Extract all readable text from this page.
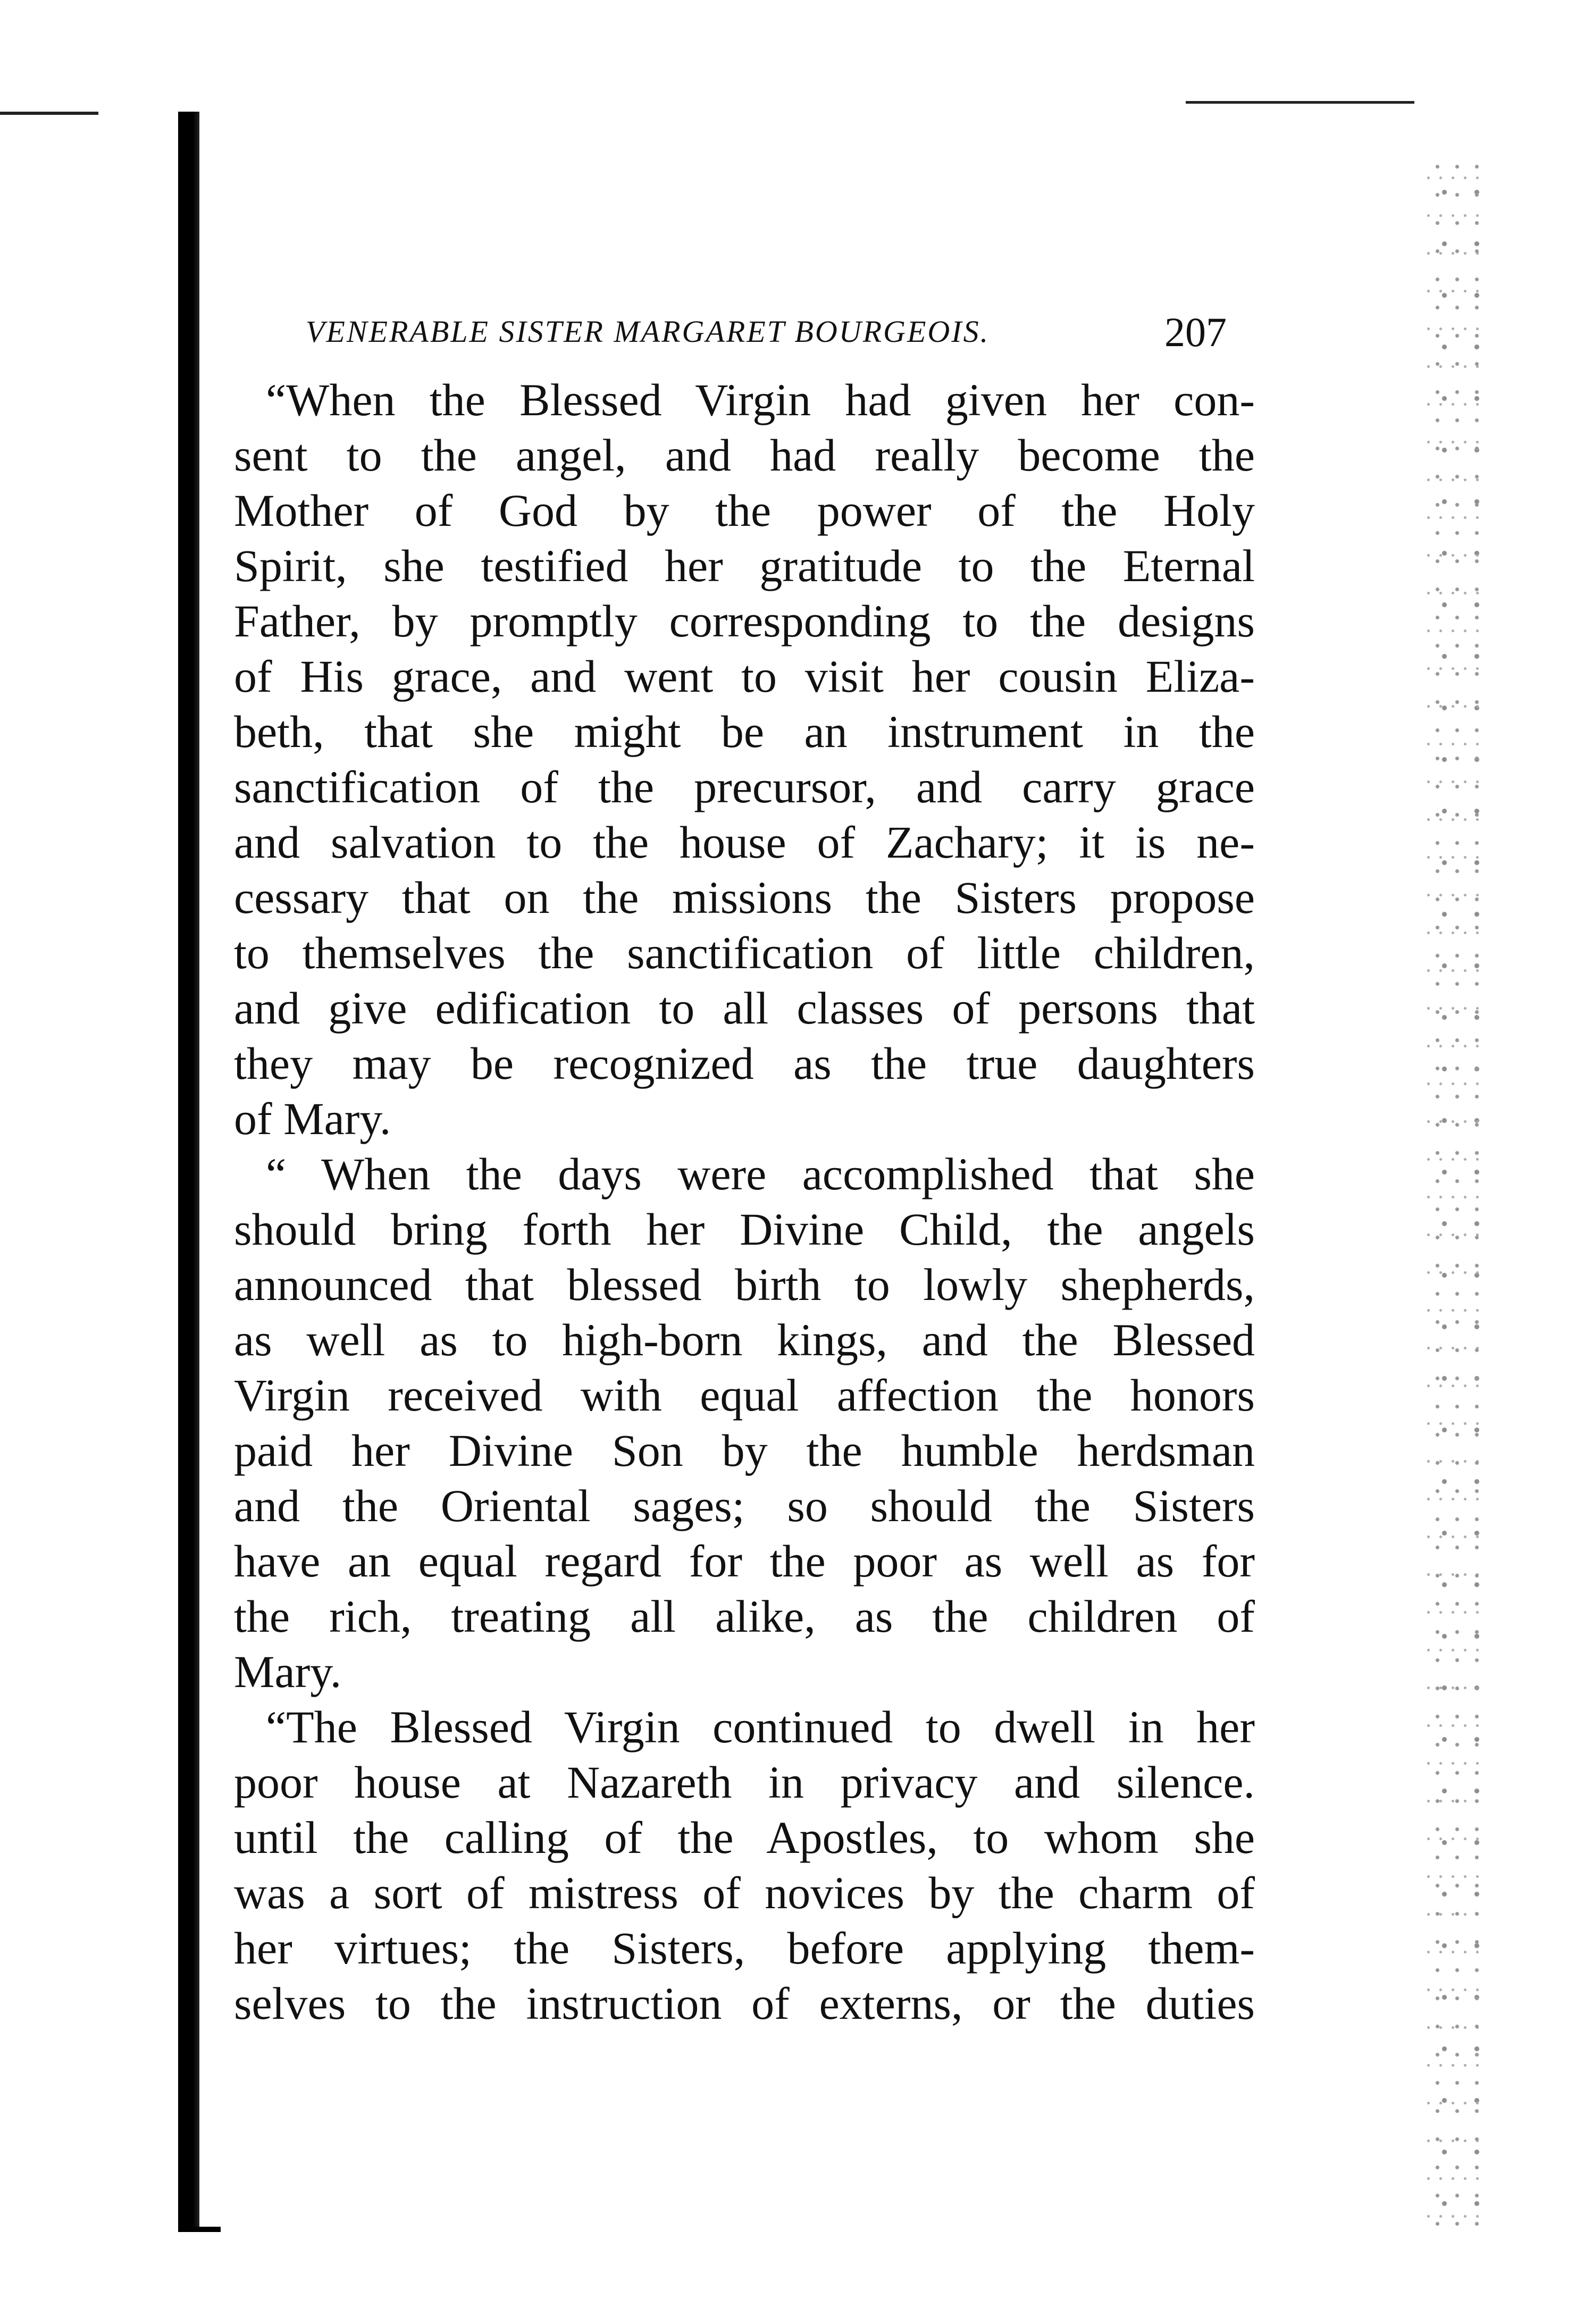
VENERABLE SISTER MARGARET BOURGEOIS.	207
“When the Blessed Virgin had given her con-
sent to the angel, and had really become the
Mother of God by the power of the Holy
Spirit, she testified her gratitude to the Eternal
Father, by promptly corresponding to the designs
of His grace, and went to visit her cousin Eliza-
beth, that she might be an instrument in the
sanctification of the precursor, and carry grace
and salvation to the house of Zachary; it is ne-
cessary that on the missions the Sisters propose
to themselves the sanctification of little children,
and give edification to all classes of persons that
they may be recognized as the true daughters
of Mary.
“ When the days were accomplished that she
should bring forth her Divine Child, the angels
announced that blessed birth to lowly shepherds,
as well as to high-born kings, and the Blessed
Virgin received with equal affection the honors
paid her Divine Son by the humble herdsman
and the Oriental sages; so should the Sisters
have an equal regard for the poor as well as for
the rich, treating all alike, as the children of
Mary.
“The Blessed Virgin continued to dwell in her
poor house at Nazareth in privacy and silence.
until the calling of the Apostles, to whom she
was a sort of mistress of novices by the charm of
her virtues; the Sisters, before applying them-
selves to the instruction of externs, or the duties
